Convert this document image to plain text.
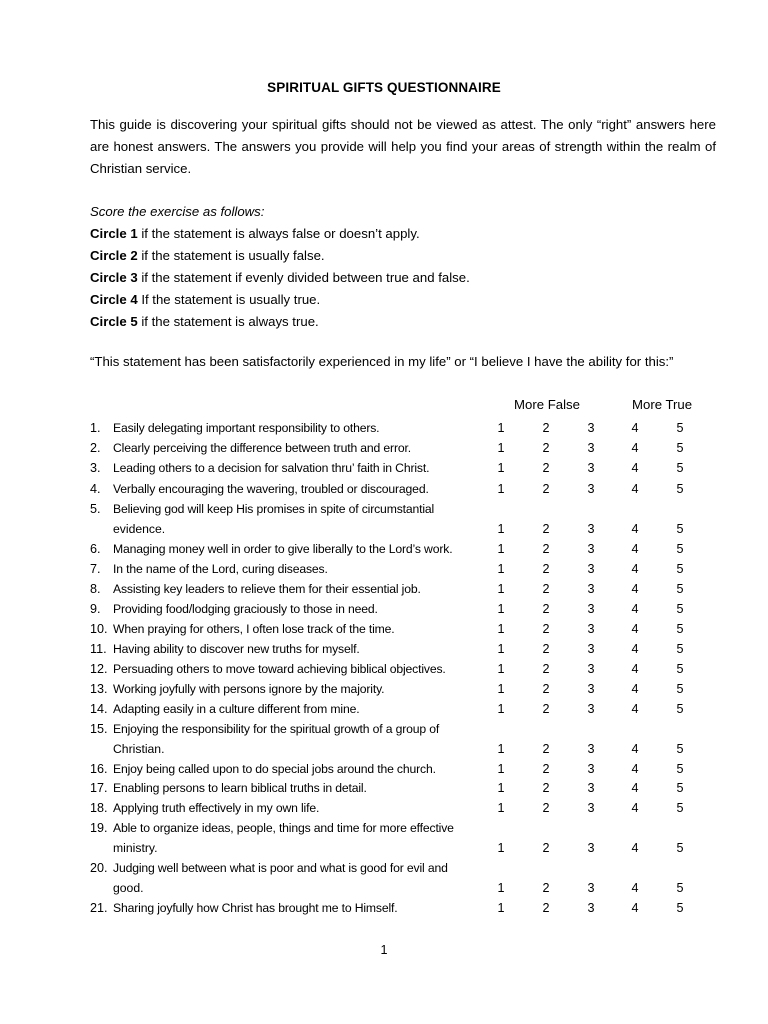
SPIRITUAL GIFTS QUESTIONNAIRE
This guide is discovering your spiritual gifts should not be viewed as attest. The only “right” answers here are honest answers. The answers you provide will help you find your areas of strength within the realm of Christian service.
Score the exercise as follows:
Circle 1 if the statement is always false or doesn’t apply.
Circle 2 if the statement is usually false.
Circle 3 if the statement if evenly divided between true and false.
Circle 4 If the statement is usually true.
Circle 5 if the statement is always true.
“This statement has been satisfactorily experienced in my life” or “I believe I have the ability for this:”
More False	More True
1. Easily delegating important responsibility to others.	1	2	3	4	5
2. Clearly perceiving the difference between truth and error.	1	2	3	4	5
3. Leading others to a decision for salvation thru’ faith in Christ.	1	2	3	4	5
4. Verbally encouraging the wavering, troubled or discouraged.	1	2	3	4	5
5. Believing god will keep His promises in spite of circumstantial
evidence.	1	2	3	4	5
6. Managing money well in order to give liberally to the Lord’s work.	1	2	3	4	5
7. In the name of the Lord, curing diseases.	1	2	3	4	5
8. Assisting key leaders to relieve them for their essential job.	1	2	3	4	5
9. Providing food/lodging graciously to those in need.	1	2	3	4	5
10. When praying for others, I often lose track of the time.	1	2	3	4	5
11. Having ability to discover new truths for myself.	1	2	3	4	5
12. Persuading others to move toward achieving biblical objectives.	1	2	3	4	5
13. Working joyfully with persons ignore by the majority.	1	2	3	4	5
14. Adapting easily in a culture different from mine.	1	2	3	4	5
15. Enjoying the responsibility for the spiritual growth of a group of
Christian.	1	2	3	4	5
16. Enjoy being called upon to do special jobs around the church.	1	2	3	4	5
17. Enabling persons to learn biblical truths in detail.	1	2	3	4	5
18. Applying truth effectively in my own life.	1	2	3	4	5
19. Able to organize ideas, people, things and time for more effective
ministry.	1	2	3	4	5
20. Judging well between what is poor and what is good for evil and
good.	1	2	3	4	5
21. Sharing joyfully how Christ has brought me to Himself.	1	2	3	4	5
1
